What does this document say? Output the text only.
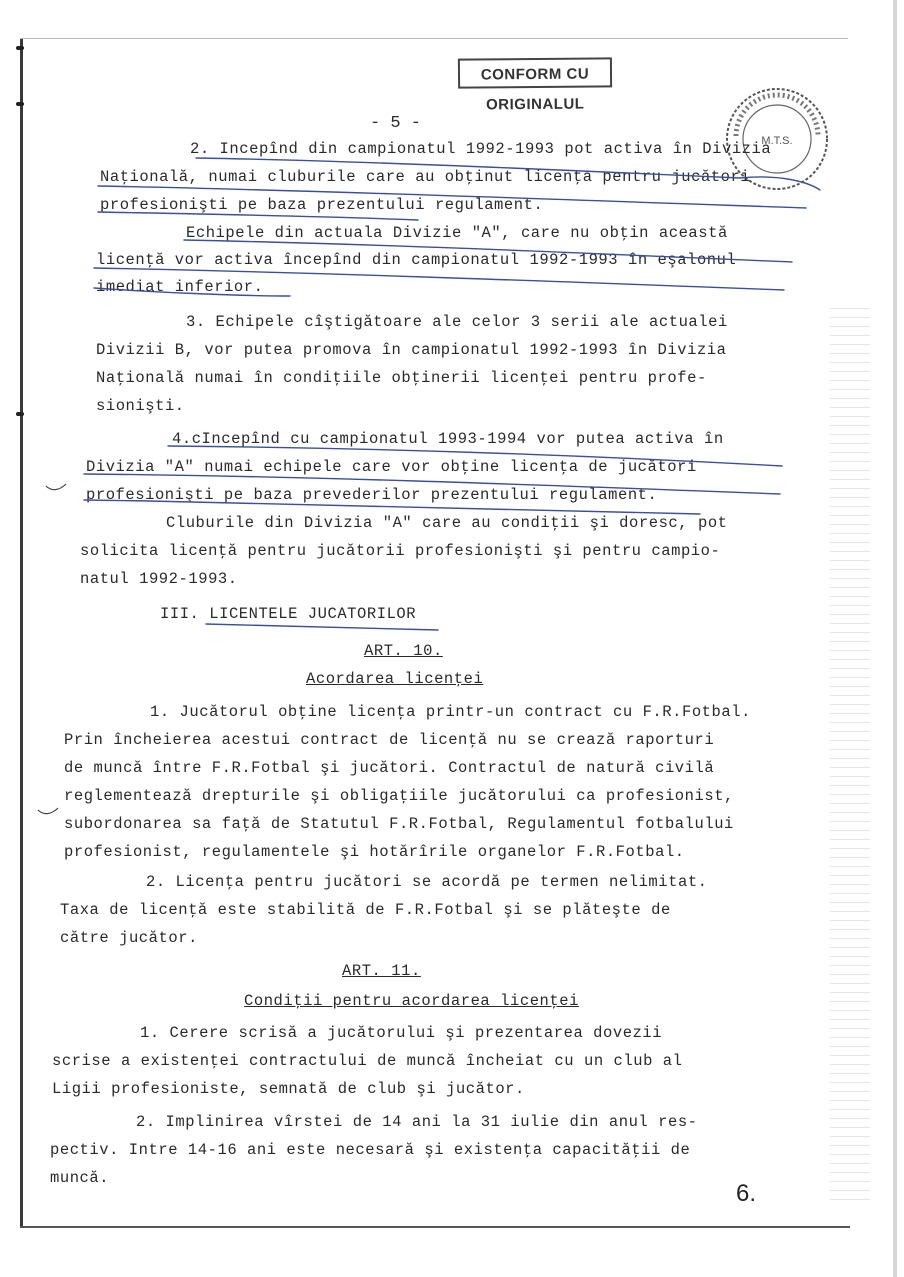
CONFORM CU ORIGINALUL
M.T.S.
- 5 -
2. Incepînd din campionatul 1992-1993 pot activa în Divizia
Naţională, numai cluburile care au obţinut licenţa pentru jucători
profesionişti pe baza prezentului regulament.
Echipele din actuala Divizie "A", care nu obţin această
licenţă vor activa începînd din campionatul 1992-1993 în eşalonul
imediat inferior.
3. Echipele cîştigătoare ale celor 3 serii ale actualei
Divizii B, vor putea promova în campionatul 1992-1993 în Divizia
Naţională numai în condiţiile obţinerii licenţei pentru profe-
sionişti.
4.cIncepînd cu campionatul 1993-1994 vor putea activa în
Divizia "A" numai echipele care vor obţine licenţa de jucători
profesionişti pe baza prevederilor prezentului regulament.
Cluburile din Divizia "A" care au condiţii şi doresc, pot
solicita licenţă pentru jucătorii profesionişti şi pentru campio-
natul 1992-1993.
III. LICENTELE JUCATORILOR
ART. 10.
Acordarea licenţei
1. Jucătorul obţine licenţa printr-un contract cu F.R.Fotbal.
Prin încheierea acestui contract de licenţă nu se crează raporturi
de muncă între F.R.Fotbal şi jucători. Contractul de natură civilă
reglementează drepturile şi obligaţiile jucătorului ca profesionist,
subordonarea sa faţă de Statutul F.R.Fotbal, Regulamentul fotbalului
profesionist, regulamentele şi hotărîrile organelor F.R.Fotbal.
2. Licenţa pentru jucători se acordă pe termen nelimitat.
Taxa de licenţă este stabilită de F.R.Fotbal şi se plăteşte de
către jucător.
ART. 11.
Condiţii pentru acordarea licenţei
1. Cerere scrisă a jucătorului şi prezentarea dovezii
scrise a existenţei contractului de muncă încheiat cu un club al
Ligii profesioniste, semnată de club şi jucător.
2. Implinirea vîrstei de 14 ani la 31 iulie din anul res-
pectiv. Intre 14-16 ani este necesară şi existenţa capacităţii de
muncă.
6.
